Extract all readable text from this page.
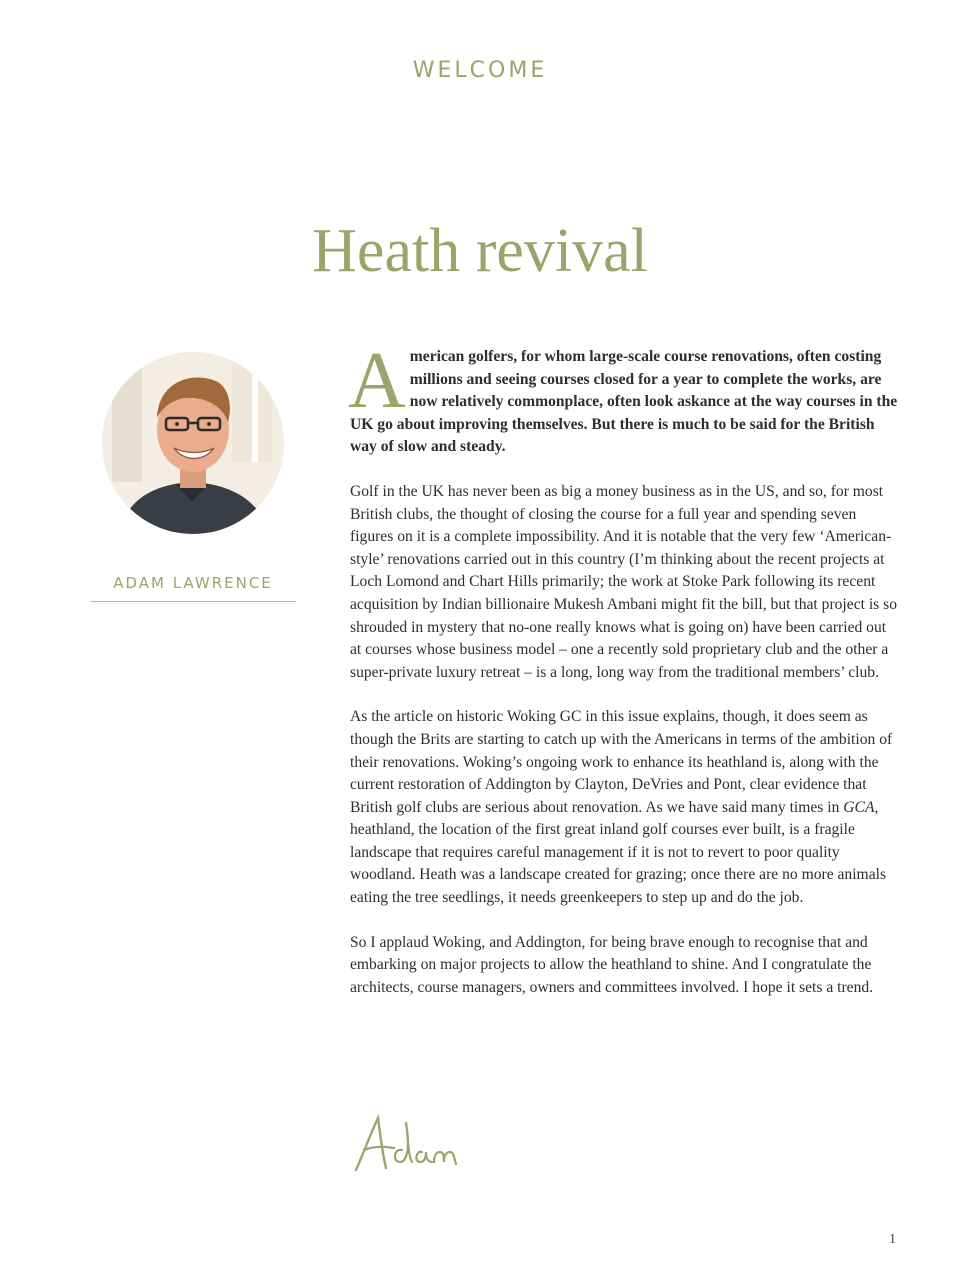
WELCOME
Heath revival
ADAM LAWRENCE

American golfers, for whom large-scale course renovations, often costing millions and seeing courses closed for a year to complete the works, are now relatively commonplace, often look askance at the way courses in the UK go about improving themselves. But there is much to be said for the British way of slow and steady.

Golf in the UK has never been as big a money business as in the US, and so, for most British clubs, the thought of closing the course for a full year and spending seven figures on it is a complete impossibility. And it is notable that the very few ‘American-style’ renovations carried out in this country (I’m thinking about the recent projects at Loch Lomond and Chart Hills primarily; the work at Stoke Park following its recent acquisition by Indian billionaire Mukesh Ambani might fit the bill, but that project is so shrouded in mystery that no-one really knows what is going on) have been carried out at courses whose business model – one a recently sold proprietary club and the other a super-private luxury retreat – is a long, long way from the traditional members’ club.

As the article on historic Woking GC in this issue explains, though, it does seem as though the Brits are starting to catch up with the Americans in terms of the ambition of their renovations. Woking’s ongoing work to enhance its heathland is, along with the current restoration of Addington by Clayton, DeVries and Pont, clear evidence that British golf clubs are serious about renovation. As we have said many times in GCA, heathland, the location of the first great inland golf courses ever built, is a fragile landscape that requires careful management if it is not to revert to poor quality woodland. Heath was a landscape created for grazing; once there are no more animals eating the tree seedlings, it needs greenkeepers to step up and do the job.

So I applaud Woking, and Addington, for being brave enough to recognise that and embarking on major projects to allow the heathland to shine. And I congratulate the architects, course managers, owners and committees involved. I hope it sets a trend.

1
